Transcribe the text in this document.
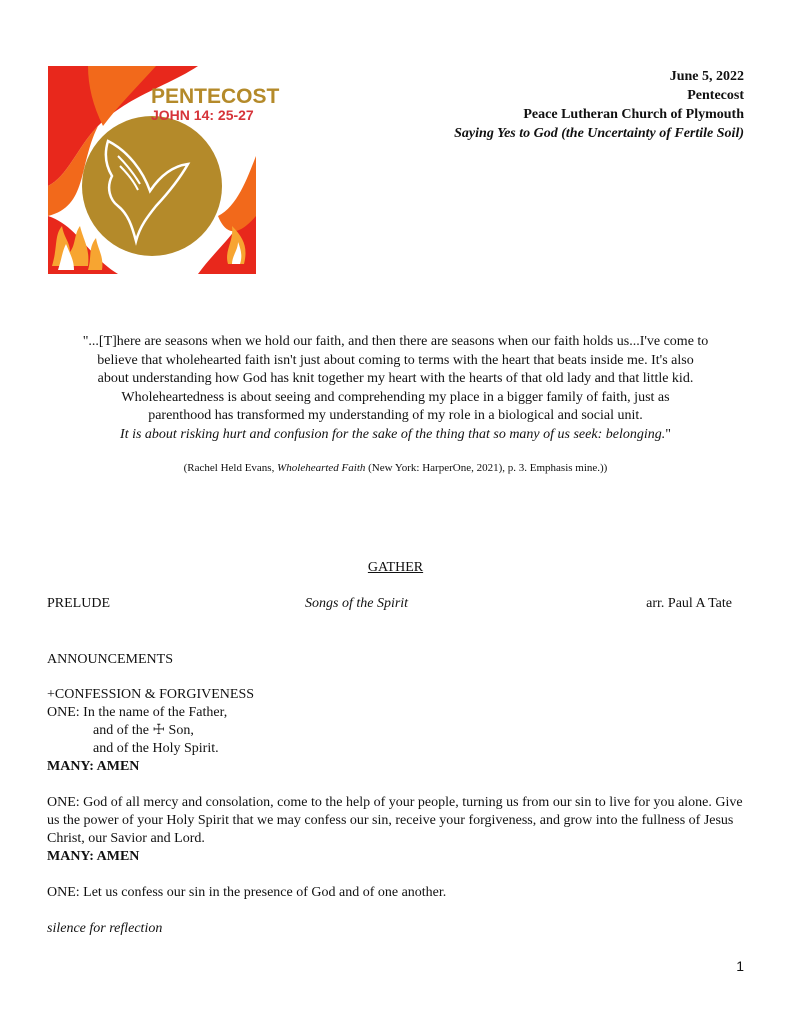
PENTECOST
JOHN 14: 25-27
June 5, 2022
Pentecost
Peace Lutheran Church of Plymouth
Saying Yes to God (the Uncertainty of Fertile Soil)
"...[T]here are seasons when we hold our faith, and then there are seasons when our faith holds us...I've come to
believe that wholehearted faith isn't just about coming to terms with the heart that beats inside me. It's also
about understanding how God has knit together my heart with the hearts of that old lady and that little kid.
Wholeheartedness is about seeing and comprehending my place in a bigger family of faith, just as
parenthood has transformed my understanding of my role in a biological and social unit.
It is about risking hurt and confusion for the sake of the thing that so many of us seek: belonging."
(Rachel Held Evans, Wholehearted Faith (New York: HarperOne, 2021), p. 3. Emphasis mine.))
GATHER
PRELUDE	Songs of the Spirit	arr. Paul A Tate
ANNOUNCEMENTS
+CONFESSION & FORGIVENESS
ONE: In the name of the Father,
and of the ☩ Son,
and of the Holy Spirit.
MANY: AMEN
ONE: God of all mercy and consolation, come to the help of your people, turning us from our sin to live for you alone. Give us the power of your Holy Spirit that we may confess our sin, receive your forgiveness, and grow into the fullness of Jesus Christ, our Savior and Lord.
MANY: AMEN
ONE: Let us confess our sin in the presence of God and of one another.
silence for reflection
1
